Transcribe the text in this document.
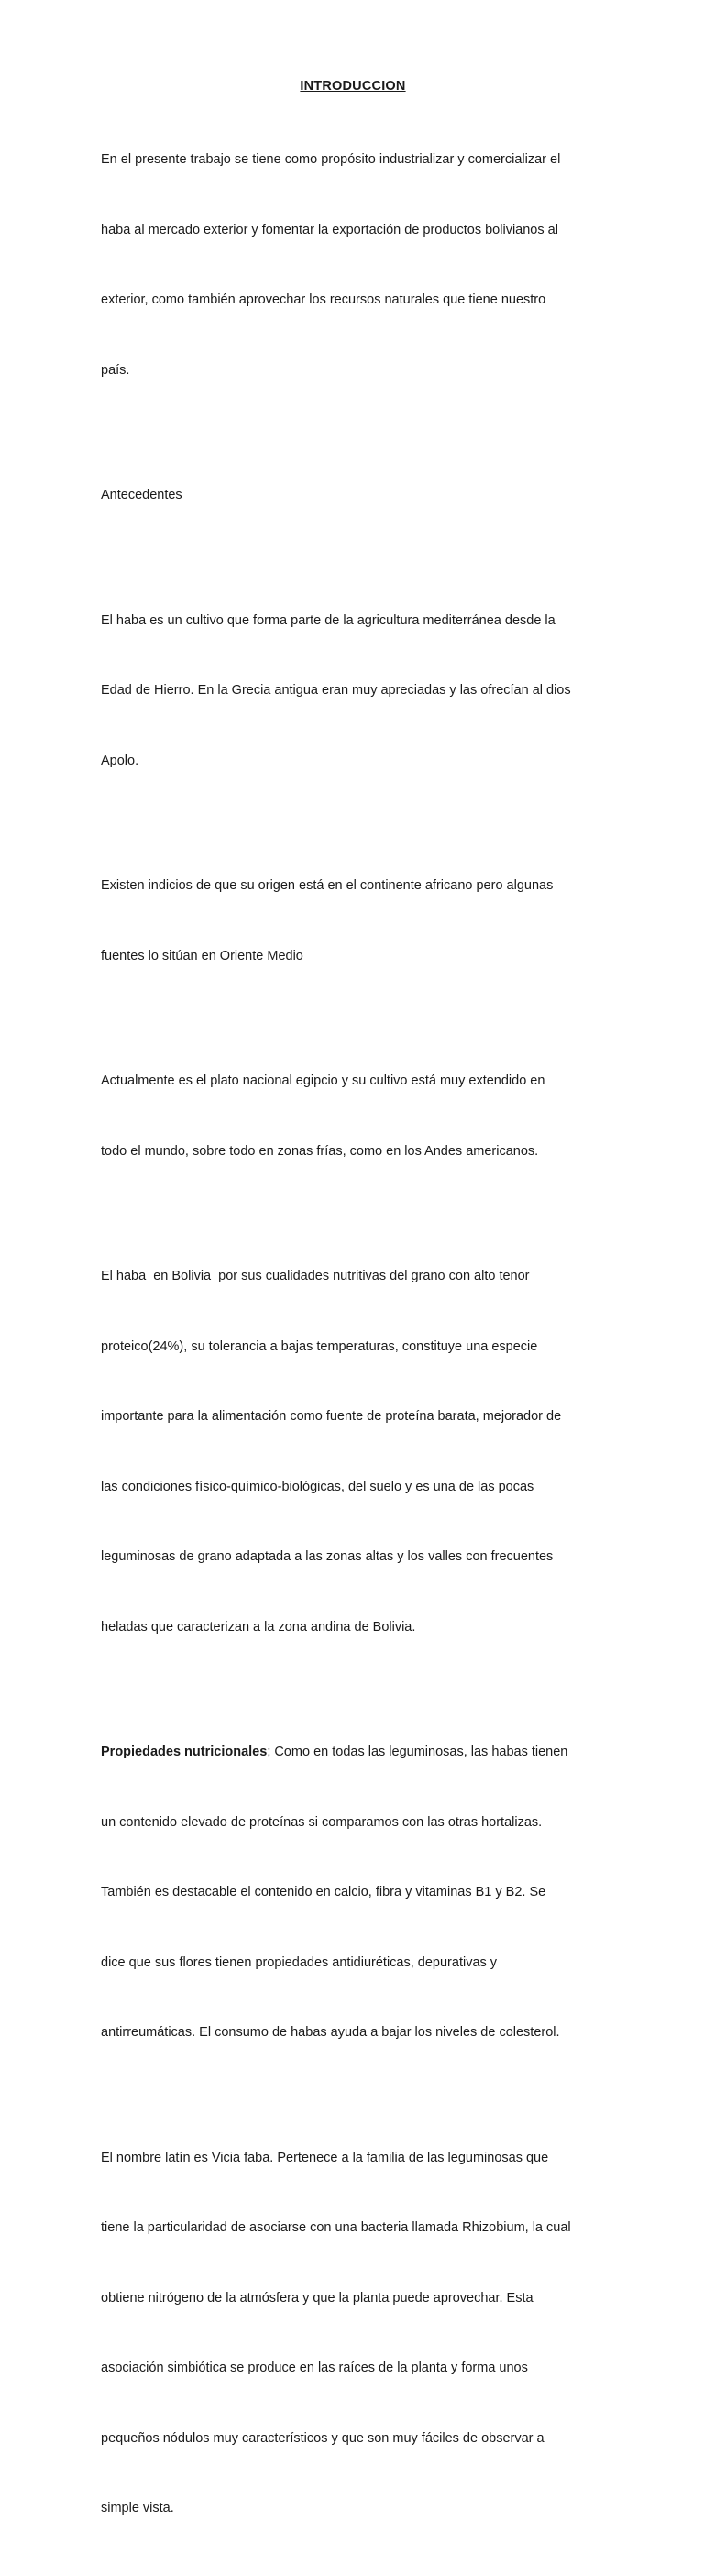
INTRODUCCION

En el presente trabajo se tiene como propósito industrializar y comercializar el

haba al mercado exterior y fomentar la exportación de productos bolivianos al

exterior, como también aprovechar los recursos naturales que tiene nuestro

país.

Antecedentes

El haba es un cultivo que forma parte de la agricultura mediterránea desde la

Edad de Hierro. En la Grecia antigua eran muy apreciadas y las ofrecían al dios

Apolo.

Existen indicios de que su origen está en el continente africano pero algunas

fuentes lo sitúan en Oriente Medio

Actualmente es el plato nacional egipcio y su cultivo está muy extendido en

todo el mundo, sobre todo en zonas frías, como en los Andes americanos.

El haba  en Bolivia  por sus cualidades nutritivas del grano con alto tenor

proteico(24%), su tolerancia a bajas temperaturas, constituye una especie

importante para la alimentación como fuente de proteína barata, mejorador de

las condiciones físico-químico-biológicas, del suelo y es una de las pocas

leguminosas de grano adaptada a las zonas altas y los valles con frecuentes

heladas que caracterizan a la zona andina de Bolivia.

Propiedades nutricionales; Como en todas las leguminosas, las habas tienen

un contenido elevado de proteínas si comparamos con las otras hortalizas.

También es destacable el contenido en calcio, fibra y vitaminas B1 y B2. Se

dice que sus flores tienen propiedades antidiuréticas, depurativas y

antirreumáticas. El consumo de habas ayuda a bajar los niveles de colesterol.

El nombre latín es Vicia faba. Pertenece a la familia de las leguminosas que

tiene la particularidad de asociarse con una bacteria llamada Rhizobium, la cual

obtiene nitrógeno de la atmósfera y que la planta puede aprovechar. Esta

asociación simbiótica se produce en las raíces de la planta y forma unos

pequeños nódulos muy característicos y que son muy fáciles de observar a

simple vista.
